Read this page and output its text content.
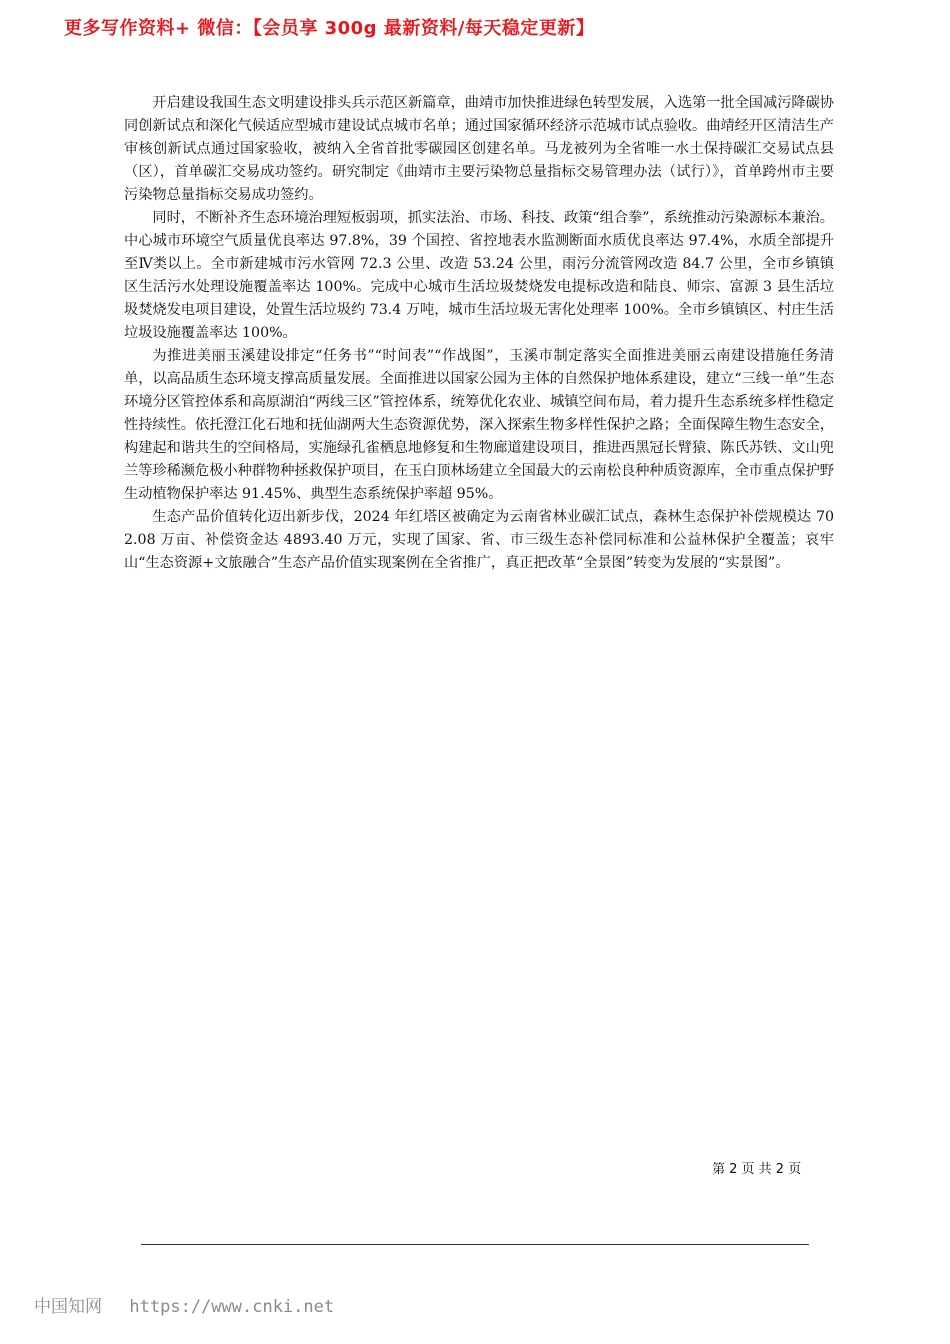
更多写作资料+ 微信：【会员享 300g 最新资料/每天稳定更新】

开启建设我国生态文明建设排头兵示范区新篇章，曲靖市加快推进绿色转型发展，入选第一批全国减污降碳协同创新试点和深化气候适应型城市建设试点城市名单；通过国家循环经济示范城市试点验收。曲靖经开区清洁生产审核创新试点通过国家验收，被纳入全省首批零碳园区创建名单。马龙被列为全省唯一水土保持碳汇交易试点县（区），首单碳汇交易成功签约。研究制定《曲靖市主要污染物总量指标交易管理办法（试行）》，首单跨州市主要污染物总量指标交易成功签约。

同时，不断补齐生态环境治理短板弱项，抓实法治、市场、科技、政策“组合拳”，系统推动污染源标本兼治。中心城市环境空气质量优良率达 97.8%，39 个国控、省控地表水监测断面水质优良率达 97.4%，水质全部提升至Ⅳ类以上。全市新建城市污水管网 72.3 公里、改造 53.24 公里，雨污分流管网改造 84.7 公里，全市乡镇镇区生活污水处理设施覆盖率达 100%。完成中心城市生活垃圾焚烧发电提标改造和陆良、师宗、富源 3 县生活垃圾焚烧发电项目建设，处置生活垃圾约 73.4 万吨，城市生活垃圾无害化处理率 100%。全市乡镇镇区、村庄生活垃圾设施覆盖率达 100%。

为推进美丽玉溪建设排定“任务书”“时间表”“作战图”，玉溪市制定落实全面推进美丽云南建设措施任务清单，以高品质生态环境支撑高质量发展。全面推进以国家公园为主体的自然保护地体系建设，建立“三线一单”生态环境分区管控体系和高原湖泊“两线三区”管控体系，统筹优化农业、城镇空间布局，着力提升生态系统多样性稳定性持续性。依托澄江化石地和抚仙湖两大生态资源优势，深入探索生物多样性保护之路；全面保障生物生态安全，构建起和谐共生的空间格局，实施绿孔雀栖息地修复和生物廊道建设项目，推进西黑冠长臂猿、陈氏苏铁、文山兜兰等珍稀濒危极小种群物种拯救保护项目，在玉白顶林场建立全国最大的云南松良种种质资源库，全市重点保护野生动植物保护率达 91.45%、典型生态系统保护率超 95%。

生态产品价值转化迈出新步伐，2024 年红塔区被确定为云南省林业碳汇试点，森林生态保护补偿规模达 702.08 万亩、补偿资金达 4893.40 万元，实现了国家、省、市三级生态补偿同标准和公益林保护全覆盖；哀牢山“生态资源+文旅融合”生态产品价值实现案例在全省推广，真正把改革“全景图”转变为发展的“实景图”。

第 2 页 共 2 页
中国知网 https://www.cnki.net
